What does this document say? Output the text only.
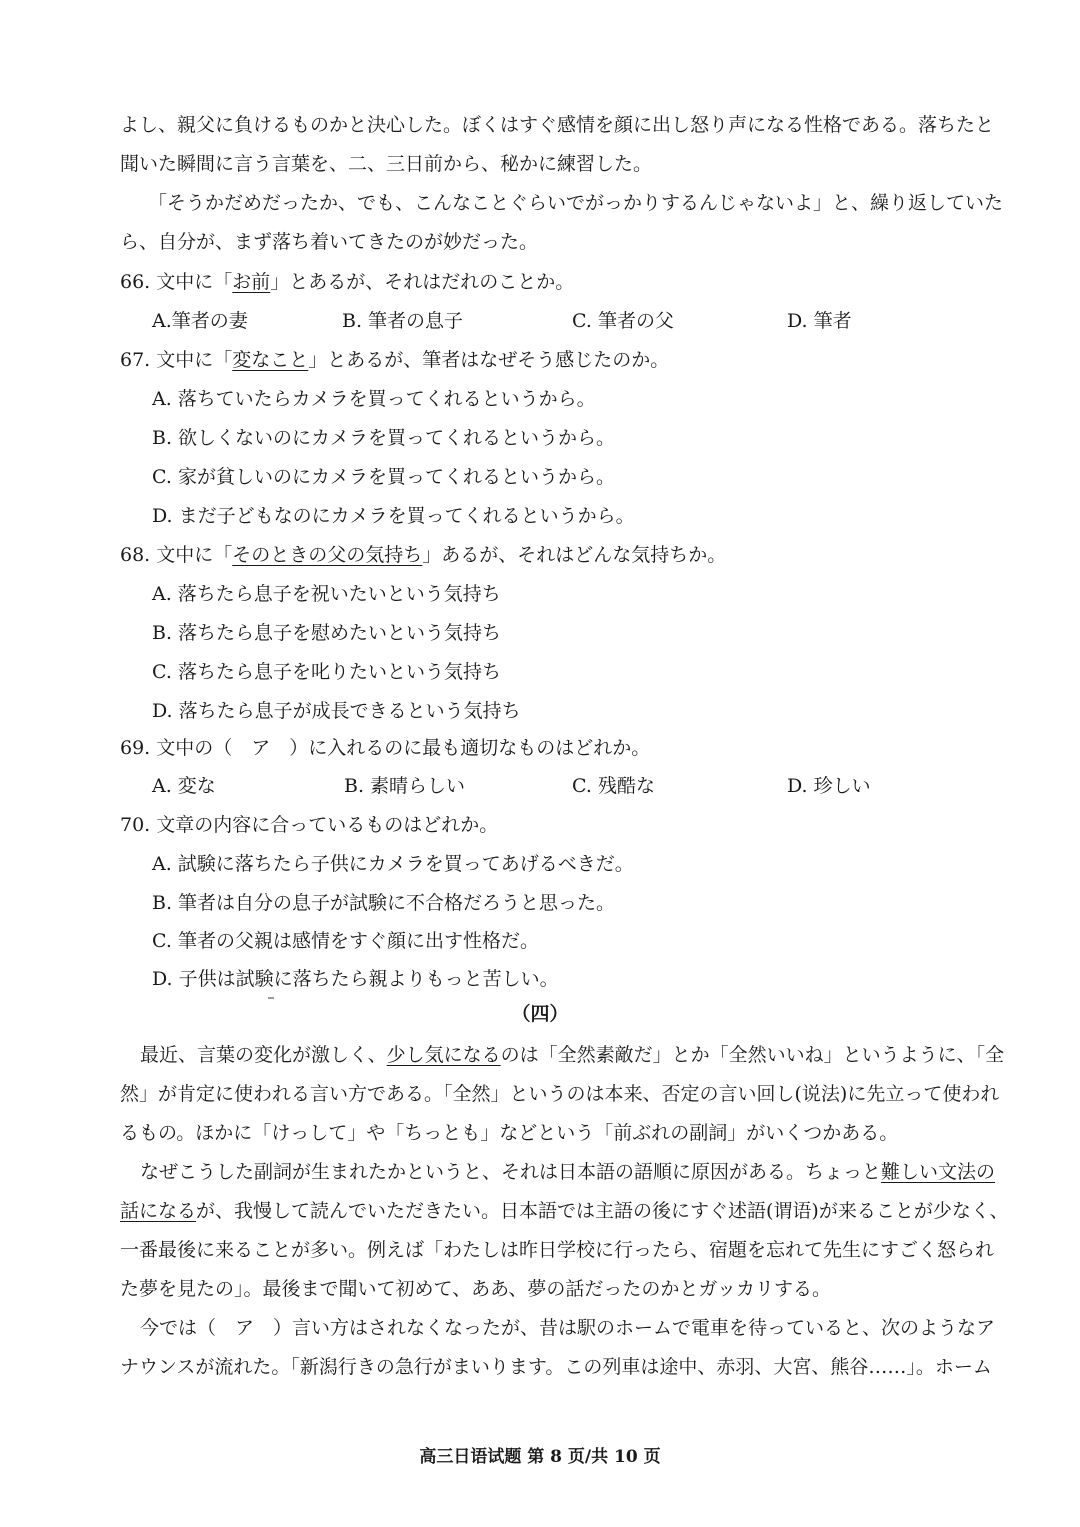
よし、親父に負けるものかと決心した。ぼくはすぐ感情を顔に出し怒り声になる性格である。落ちたと
聞いた瞬間に言う言葉を、二、三日前から、秘かに練習した。
「そうかだめだったか、でも、こんなことぐらいでがっかりするんじゃないよ」と、繰り返していた
ら、自分が、まず落ち着いてきたのが妙だった。
66. 文中に「お前」とあるが、それはだれのことか。
A.筆者の妻	B. 筆者の息子	C. 筆者の父	D. 筆者
67. 文中に「変なこと」とあるが、筆者はなぜそう感じたのか。
A. 落ちていたらカメラを買ってくれるというから。
B. 欲しくないのにカメラを買ってくれるというから。
C. 家が貧しいのにカメラを買ってくれるというから。
D. まだ子どもなのにカメラを買ってくれるというから。
68. 文中に「そのときの父の気持ち」あるが、それはどんな気持ちか。
A. 落ちたら息子を祝いたいという気持ち
B. 落ちたら息子を慰めたいという気持ち
C. 落ちたら息子を叱りたいという気持ち
D. 落ちたら息子が成長できるという気持ち
69. 文中の（　ア　）に入れるのに最も適切なものはどれか。
A. 変な	B. 素晴らしい	C. 残酷な	D. 珍しい
70. 文章の内容に合っているものはどれか。
A. 試験に落ちたら子供にカメラを買ってあげるべきだ。
B. 筆者は自分の息子が試験に不合格だろうと思った。
C. 筆者の父親は感情をすぐ顔に出す性格だ。
D. 子供は試験に落ちたら親よりもっと苦しい。
（四）
最近、言葉の変化が激しく、少し気になるのは「全然素敵だ」とか「全然いいね」というように、「全
然」が肯定に使われる言い方である。「全然」というのは本来、否定の言い回し(说法)に先立って使われ
るもの。ほかに「けっして」や「ちっとも」などという「前ぶれの副詞」がいくつかある。
なぜこうした副詞が生まれたかというと、それは日本語の語順に原因がある。ちょっと難しい文法の
話になるが、我慢して読んでいただきたい。日本語では主語の後にすぐ述語(谓语)が来ることが少なく、
一番最後に来ることが多い。例えば「わたしは昨日学校に行ったら、宿題を忘れて先生にすごく怒られ
た夢を見たの」。最後まで聞いて初めて、ああ、夢の話だったのかとガッカリする。
今では（　ア　）言い方はされなくなったが、昔は駅のホームで電車を待っていると、次のようなア
ナウンスが流れた。「新潟行きの急行がまいります。この列車は途中、赤羽、大宮、熊谷……」。ホーム
高三日语试题 第 8 页/共 10 页
